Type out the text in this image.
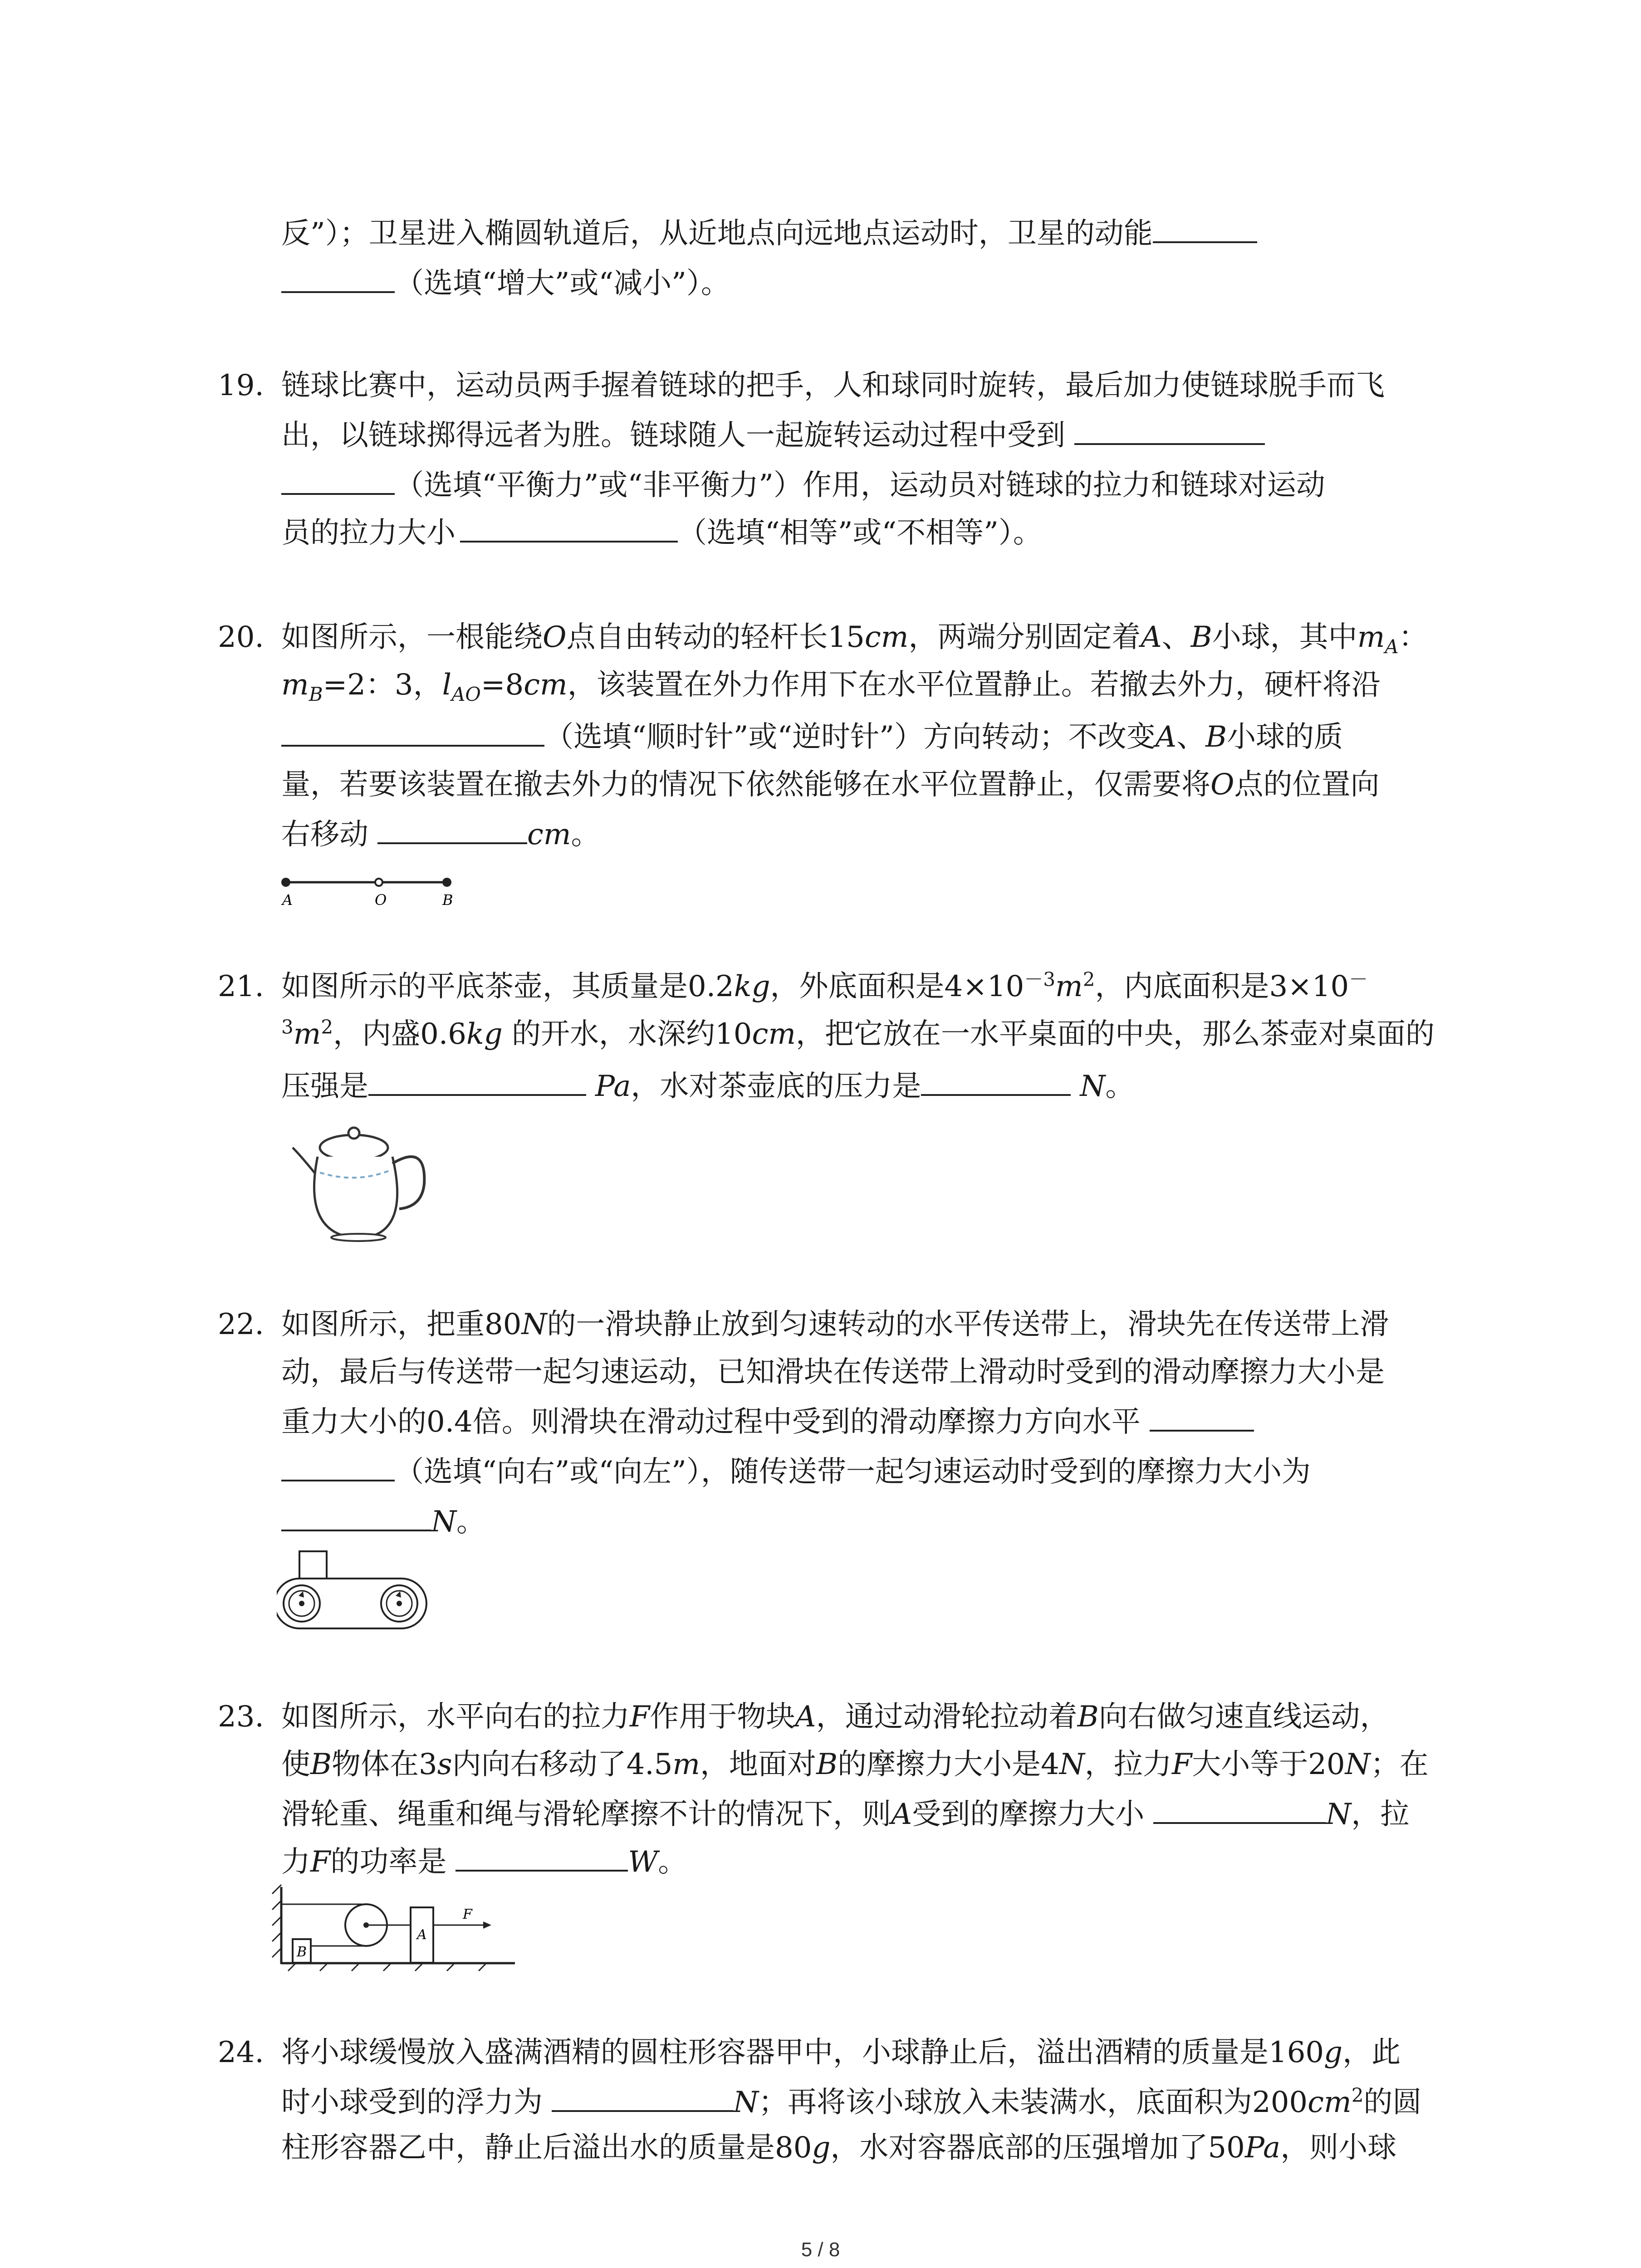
反”）；卫星进入椭圆轨道后，从近地点向远地点运动时，卫星的动能
（选填“增大”或“减小”）。
19. 链球比赛中，运动员两手握着链球的把手，人和球同时旋转，最后加力使链球脱手而飞
出，以链球掷得远者为胜。链球随人一起旋转运动过程中受到
（选填“平衡力”或“非平衡力”）作用，运动员对链球的拉力和链球对运动
员的拉力大小	（选填“相等”或“不相等”）。
20. 如图所示，一根能绕O点自由转动的轻杆长15cm，两端分别固定着A、B小球，其中$m_A$：
$m_B=2$：3，$l_{AO}=8cm$，该装置在外力作用下在水平位置静止。若撤去外力，硬杆将沿
（选填“顺时针”或“逆时针”）方向转动；不改变A、B小球的质
量，若要该装置在撤去外力的情况下依然能够在水平位置静止，仅需要将O点的位置向
右移动	cm。
A	O	B
21. 如图所示的平底茶壶，其质量是0.2kg，外底面积是$4\times 10^{-3}m^2$，内底面积是3×10－
$^3m^2$，内盛0.6kg 的开水，水深约10cm，把它放在一水平桌面的中央，那么茶壶对桌面的
压强是	Pa，水对茶壶底的压力是	N。
22. 如图所示，把重80N的一滑块静止放到匀速转动的水平传送带上，滑块先在传送带上滑
动，最后与传送带一起匀速运动，已知滑块在传送带上滑动时受到的滑动摩擦力大小是
重力大小的0.4倍。则滑块在滑动过程中受到的滑动摩擦力方向水平
（选填“向右”或“向左”），随传送带一起匀速运动时受到的摩擦力大小为
N。
23. 如图所示，水平向右的拉力F作用于物块A，通过动滑轮拉动着B向右做匀速直线运动，
使B物体在3s内向右移动了4.5m，地面对B的摩擦力大小是4N，拉力F大小等于20N；在
滑轮重、绳重和绳与滑轮摩擦不计的情况下，则A受到的摩擦力大小	N，拉
力F的功率是	W。
B
A
F
24. 将小球缓慢放入盛满酒精的圆柱形容器甲中，小球静止后，溢出酒精的质量是160g，此
时小球受到的浮力为	N；再将该小球放入未装满水，底面积为$200cm^2$的圆
柱形容器乙中，静止后溢出水的质量是80g，水对容器底部的压强增加了50Pa，则小球
5 / 8
